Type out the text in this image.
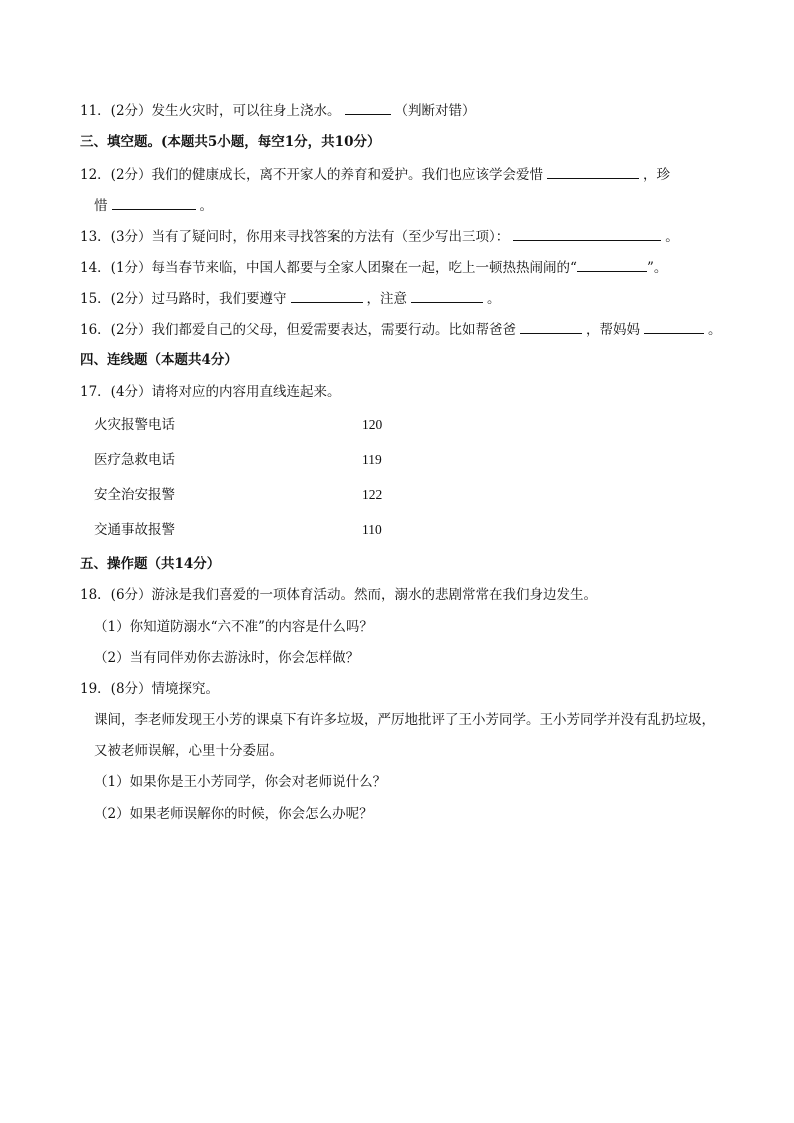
11．(2分）发生火灾时，可以往身上浇水。	（判断对错）
三、填空题。(本题共5小题，每空1分，共10分）
12．(2分）我们的健康成长，离不开家人的养育和爱护。我们也应该学会爱惜	，珍
惜	。
13．(3分）当有了疑问时，你用来寻找答案的方法有（至少写出三项）：	。
14．(1分）每当春节来临，中国人都要与全家人团聚在一起，吃上一顿热热闹闹的“	”。
15．(2分）过马路时，我们要遵守	，注意	。
16．(2分）我们都爱自己的父母，但爱需要表达，需要行动。比如帮爸爸	，帮妈妈	。
四、连线题（本题共4分）
17．(4分）请将对应的内容用直线连起来。
火灾报警电话	120
医疗急救电话	119
安全治安报警	122
交通事故报警	110
五、操作题（共14分）
18．(6分）游泳是我们喜爱的一项体育活动。然而，溺水的悲剧常常在我们身边发生。
（1）你知道防溺水“六不准”的内容是什么吗？
（2）当有同伴劝你去游泳时，你会怎样做？
19．(8分）情境探究。
课间，李老师发现王小芳的课桌下有许多垃圾，严厉地批评了王小芳同学。王小芳同学并没有乱扔垃圾，
又被老师误解，心里十分委屈。
（1）如果你是王小芳同学，你会对老师说什么？
（2）如果老师误解你的时候，你会怎么办呢？
